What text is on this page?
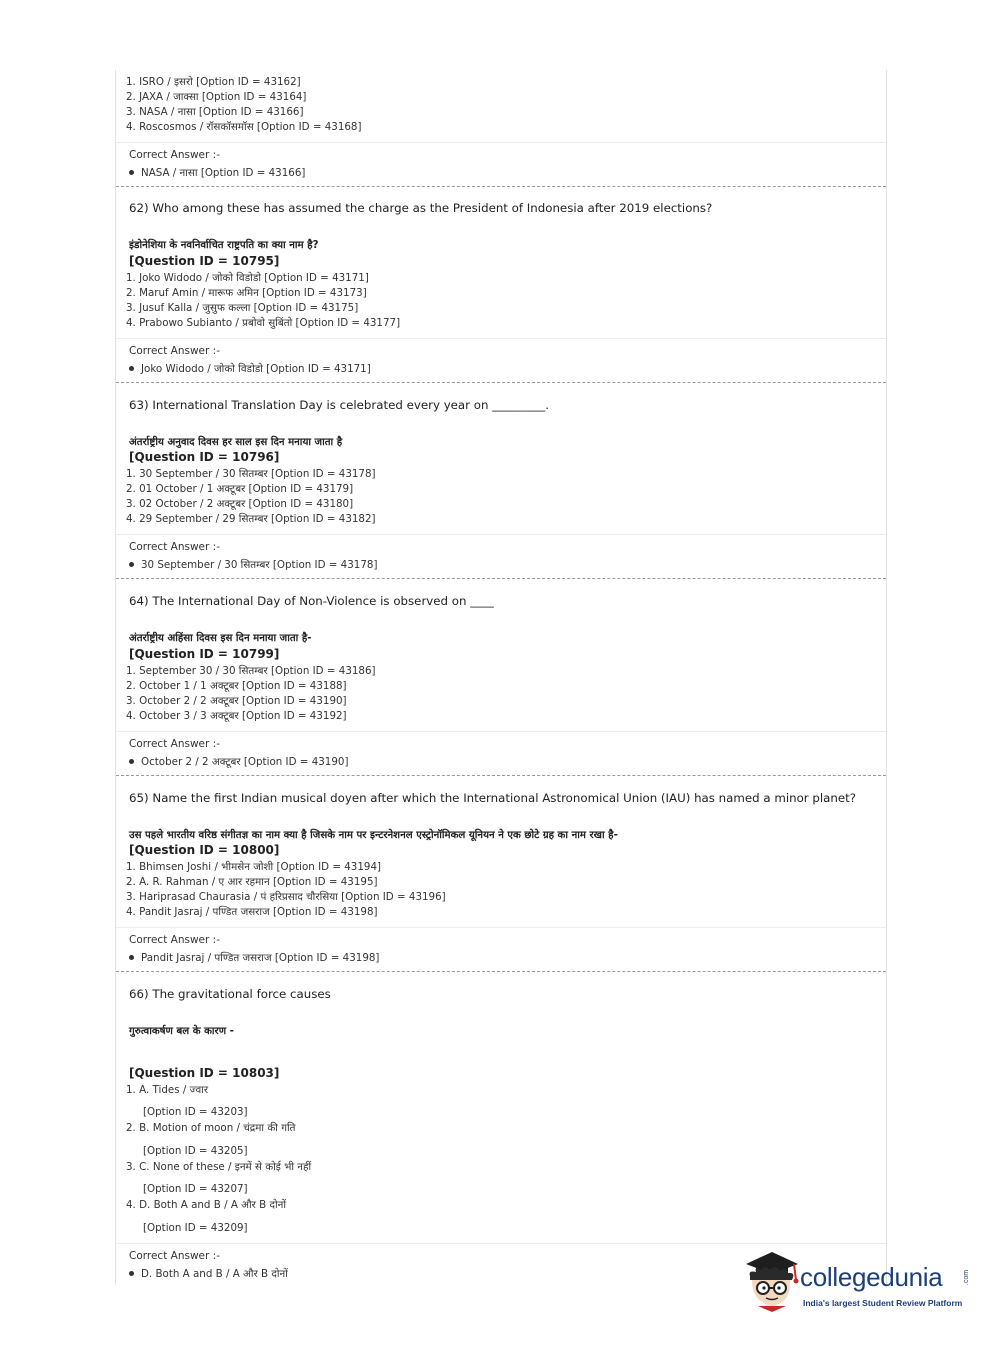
1. ISRO / इसरो [Option ID = 43162]
2. JAXA / जाक्सा [Option ID = 43164]
3. NASA / नासा [Option ID = 43166]
4. Roscosmos / रॉसकॉसमॉस [Option ID = 43168]
Correct Answer :-
NASA / नासा [Option ID = 43166]
62) Who among these has assumed the charge as the President of Indonesia after 2019 elections?
इंडोनेशिया के नवनिर्वाचित राष्ट्रपति का क्या नाम है?
[Question ID = 10795]
1. Joko Widodo / जोको विडोडो [Option ID = 43171]
2. Maruf Amin / मारूफ अमिन [Option ID = 43173]
3. Jusuf Kalla / जुसुफ कल्ला [Option ID = 43175]
4. Prabowo Subianto / प्रबोवो सुबिंतो [Option ID = 43177]
Correct Answer :-
Joko Widodo / जोको विडोडो [Option ID = 43171]
63) International Translation Day is celebrated every year on _________.
अंतर्राष्ट्रीय अनुवाद दिवस हर साल इस दिन मनाया जाता है
[Question ID = 10796]
1. 30 September / 30 सितम्बर [Option ID = 43178]
2. 01 October / 1 अक्टूबर [Option ID = 43179]
3. 02 October / 2 अक्टूबर [Option ID = 43180]
4. 29 September / 29 सितम्बर [Option ID = 43182]
Correct Answer :-
30 September / 30 सितम्बर [Option ID = 43178]
64) The International Day of Non-Violence is observed on ____
अंतर्राष्ट्रीय अहिंसा दिवस इस दिन मनाया जाता है-
[Question ID = 10799]
1. September 30 / 30 सितम्बर [Option ID = 43186]
2. October 1 / 1 अक्टूबर [Option ID = 43188]
3. October 2 / 2 अक्टूबर [Option ID = 43190]
4. October 3 / 3 अक्टूबर [Option ID = 43192]
Correct Answer :-
October 2 / 2 अक्टूबर [Option ID = 43190]
65) Name the first Indian musical doyen after which the International Astronomical Union (IAU) has named a minor planet?
उस पहले भारतीय वरिष्ठ संगीतज्ञ का नाम क्या है जिसके नाम पर इन्टरनेशनल एस्ट्रोनॉमिकल यूनियन ने एक छोटे ग्रह का नाम रखा है-
[Question ID = 10800]
1. Bhimsen Joshi / भीमसेन जोशी [Option ID = 43194]
2. A. R. Rahman / ए आर रहमान [Option ID = 43195]
3. Hariprasad Chaurasia / पं हरिप्रसाद चौरसिया [Option ID = 43196]
4. Pandit Jasraj / पण्डित जसराज [Option ID = 43198]
Correct Answer :-
Pandit Jasraj / पण्डित जसराज [Option ID = 43198]
66) The gravitational force causes
गुरुत्वाकर्षण बल के कारण -
[Question ID = 10803]
1. A. Tides / ज्वार
[Option ID = 43203]
2. B. Motion of moon / चंद्रमा की गति
[Option ID = 43205]
3. C. None of these / इनमें से कोई भी नहीं
[Option ID = 43207]
4. D. Both A and B / A और B दोनों
[Option ID = 43209]
Correct Answer :-
D. Both A and B / A और B दोनों	collegedunia	.com
India's largest Student Review Platform
